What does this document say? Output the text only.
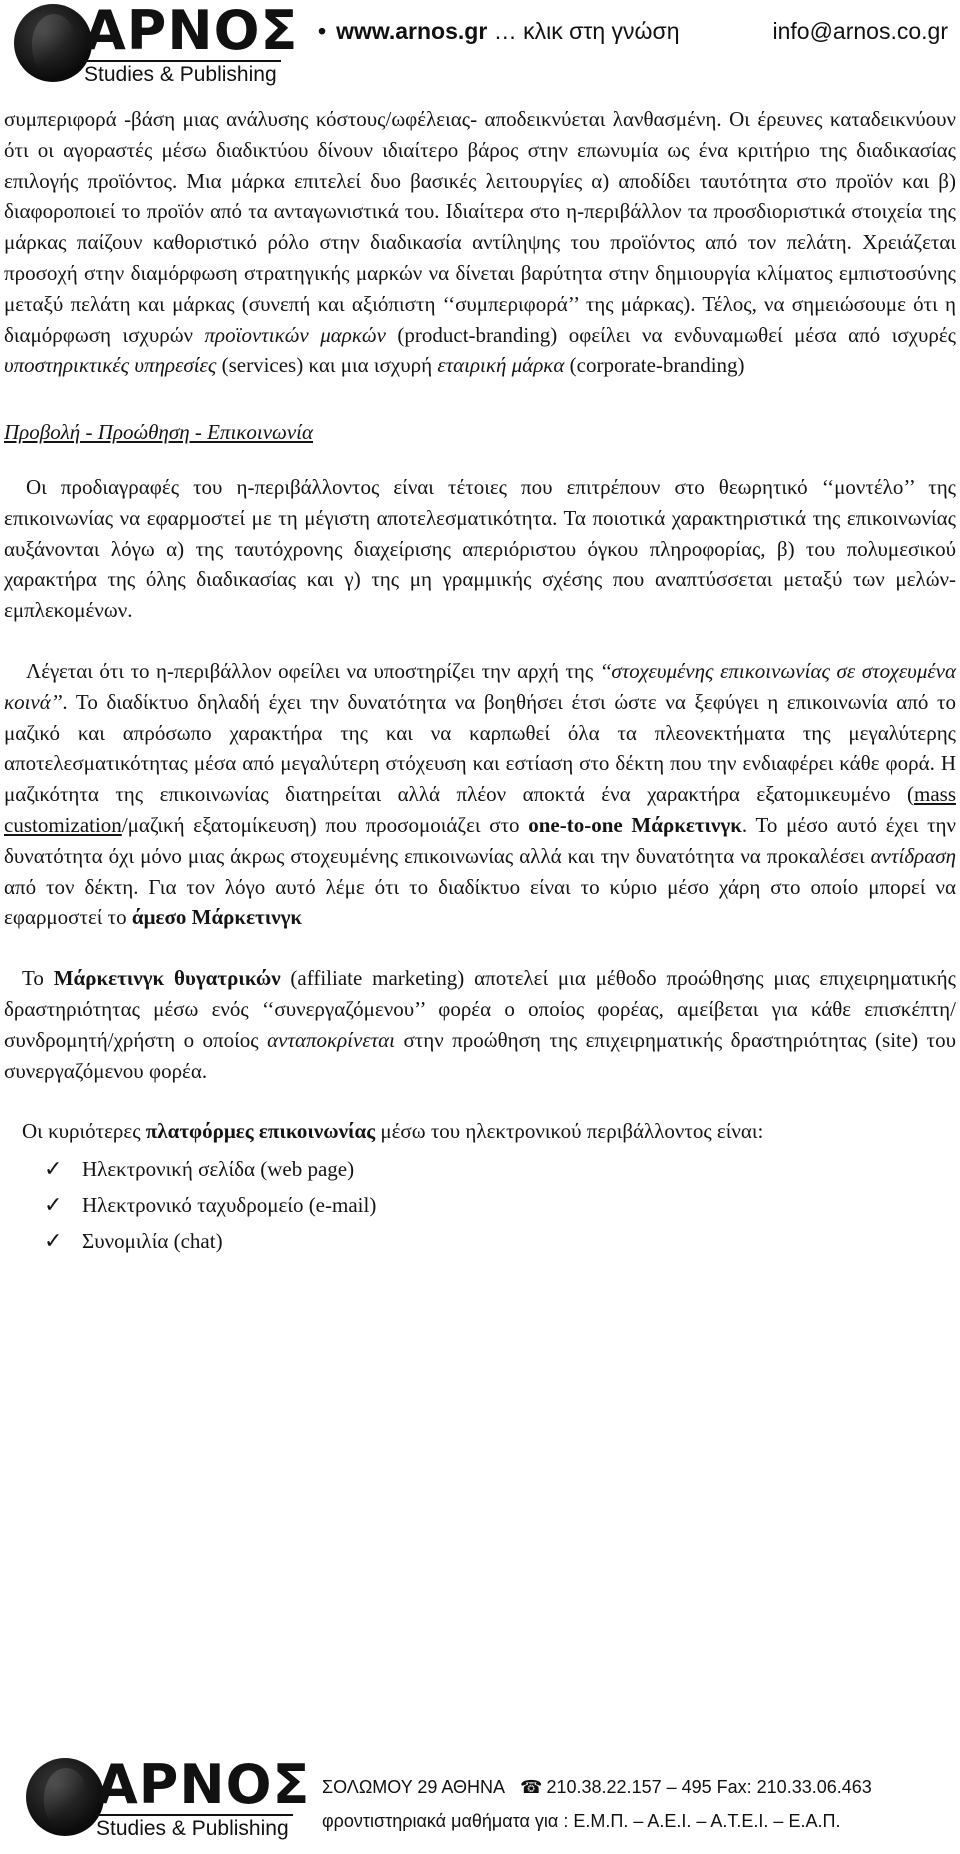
ΑΡΝΟΣ
Studies & Publishing
• www.arnos.gr … κλικ στη γνώση	info@arnos.co.gr

συμπεριφορά -βάση μιας ανάλυσης κόστους/ωφέλειας- αποδεικνύεται λανθασμένη. Οι έρευνες καταδεικνύουν ότι οι αγοραστές μέσω διαδικτύου δίνουν ιδιαίτερο βάρος στην επωνυμία ως ένα κριτήριο της διαδικασίας επιλογής προϊόντος. Μια μάρκα επιτελεί δυο βασικές λειτουργίες α) αποδίδει ταυτότητα στο προϊόν και β) διαφοροποιεί το προϊόν από τα ανταγωνιστικά του. Ιδιαίτερα στο η-περιβάλλον τα προσδιοριστικά στοιχεία της μάρκας παίζουν καθοριστικό ρόλο στην διαδικασία αντίληψης του προϊόντος από τον πελάτη. Χρειάζεται προσοχή στην διαμόρφωση στρατηγικής μαρκών να δίνεται βαρύτητα στην δημιουργία κλίματος εμπιστοσύνης μεταξύ πελάτη και μάρκας (συνεπή και αξιόπιστη ‘‘συμπεριφορά’’ της μάρκας). Τέλος, να σημειώσουμε ότι η διαμόρφωση ισχυρών προϊοντικών μαρκών (product-branding) οφείλει να ενδυναμωθεί μέσα από ισχυρές υποστηρικτικές υπηρεσίες (services) και μια ισχυρή εταιρική μάρκα (corporate-branding)

Προβολή - Προώθηση - Επικοινωνία

Οι προδιαγραφές του η-περιβάλλοντος είναι τέτοιες που επιτρέπουν στο θεωρητικό ‘‘μοντέλο’’ της επικοινωνίας να εφαρμοστεί με τη μέγιστη αποτελεσματικότητα. Τα ποιοτικά χαρακτηριστικά της επικοινωνίας αυξάνονται λόγω α) της ταυτόχρονης διαχείρισης απεριόριστου όγκου πληροφορίας, β) του πολυμεσικού χαρακτήρα της όλης διαδικασίας και γ) της μη γραμμικής σχέσης που αναπτύσσεται μεταξύ των μελών-εμπλεκομένων.

Λέγεται ότι το η-περιβάλλον οφείλει να υποστηρίζει την αρχή της ‘‘στοχευμένης επικοινωνίας σε στοχευμένα κοινά’’. Το διαδίκτυο δηλαδή έχει την δυνατότητα να βοηθήσει έτσι ώστε να ξεφύγει η επικοινωνία από το μαζικό και απρόσωπο χαρακτήρα της και να καρπωθεί όλα τα πλεονεκτήματα της μεγαλύτερης αποτελεσματικότητας μέσα από μεγαλύτερη στόχευση και εστίαση στο δέκτη που την ενδιαφέρει κάθε φορά. Η μαζικότητα της επικοινωνίας διατηρείται αλλά πλέον αποκτά ένα χαρακτήρα εξατομικευμένο (mass customization/μαζική εξατομίκευση) που προσομοιάζει στο one-to-one Μάρκετινγκ. Το μέσο αυτό έχει την δυνατότητα όχι μόνο μιας άκρως στοχευμένης επικοινωνίας αλλά και την δυνατότητα να προκαλέσει αντίδραση από τον δέκτη. Για τον λόγο αυτό λέμε ότι το διαδίκτυο είναι το κύριο μέσο χάρη στο οποίο μπορεί να εφαρμοστεί το άμεσο Μάρκετινγκ

Το Μάρκετινγκ θυγατρικών (affiliate marketing) αποτελεί μια μέθοδο προώθησης μιας επιχειρηματικής δραστηριότητας μέσω ενός ‘‘συνεργαζόμενου’’ φορέα ο οποίος φορέας, αμείβεται για κάθε επισκέπτη/συνδρομητή/χρήστη ο οποίος ανταποκρίνεται στην προώθηση της επιχειρηματικής δραστηριότητας (site) του συνεργαζόμενου φορέα.

Οι κυριότερες πλατφόρμες επικοινωνίας μέσω του ηλεκτρονικού περιβάλλοντος είναι:

✓ Ηλεκτρονική σελίδα (web page)
✓ Ηλεκτρονικό ταχυδρομείο (e-mail)
✓ Συνομιλία (chat)
ΑΡΝΟΣ
Studies & Publishing
ΣΟΛΩΜΟΥ 29 ΑΘΗΝΑ ☎ 210.38.22.157 – 495 Fax: 210.33.06.463
φροντιστηριακά μαθήματα για : Ε.Μ.Π. – Α.Ε.Ι. – Α.Τ.Ε.Ι. – Ε.Α.Π.
